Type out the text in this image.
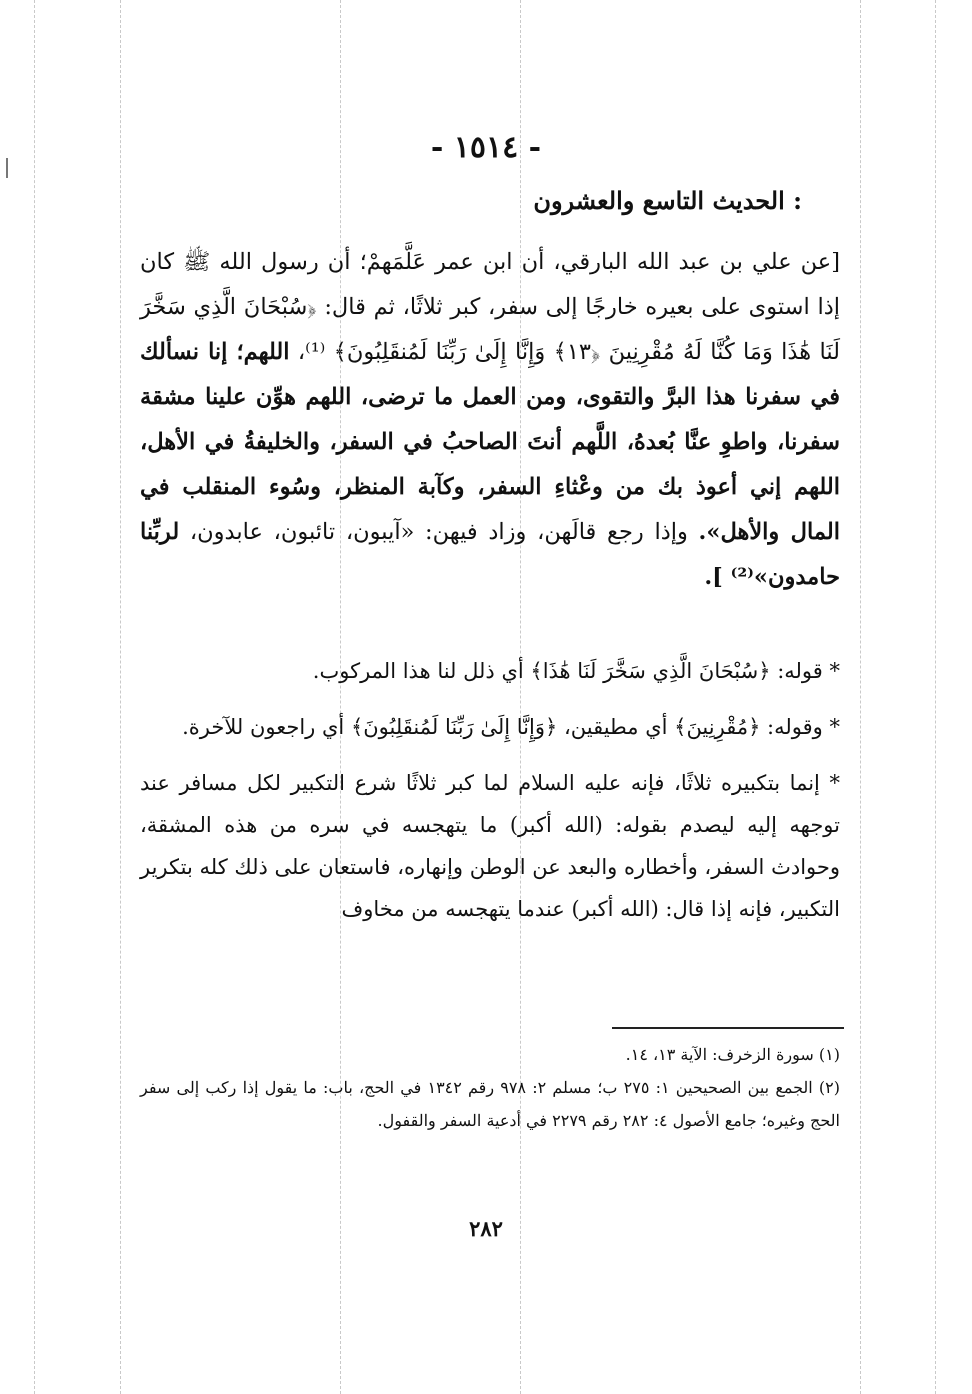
- ١٥١٤ -
الحديث التاسع والعشرون :
[عن علي بن عبد الله البارقي، أن ابن عمر عَلَّمَهمْ؛ أن رسول الله ﷺ كان إذا استوى على بعيره خارجًا إلى سفر، كبر ثلاثًا، ثم قال: ﴿سُبْحَانَ الَّذِي سَخَّرَ لَنَا هَٰذَا وَمَا كُنَّا لَهُ مُقْرِنِينَ ﴿١٣﴾ وَإِنَّا إِلَىٰ رَبِّنَا لَمُنقَلِبُونَ﴾ ⁽¹⁾، اللهم؛ إنا نسألك في سفرنا هذا البرَّ والتقوى، ومن العمل ما ترضى، اللهم هوِّن علينا مشقة سفرنا، واطوِ عنَّا بُعدهُ، اللَّهم أنتَ الصاحبُ في السفر، والخليفةُ في الأهل، اللهم إني أعوذ بك من وعْثاءِ السفر، وكآبة المنظر، وسُوء المنقلب في المال والأهل». وإذا رجع قالَهن، وزاد فيهن: «آيبون، تائبون، عابدون، لربِّنا حامدون»⁽²⁾ ].

* قوله: ﴿سُبْحَانَ الَّذِي سَخَّرَ لَنَا هَٰذَا﴾ أي ذلل لنا هذا المركوب.

* وقوله: ﴿مُقْرِنِينَ﴾ أي مطيقين، ﴿وَإِنَّا إِلَىٰ رَبِّنَا لَمُنقَلِبُونَ﴾ أي راجعون للآخرة.

* إنما بتكبيره ثلاثًا، فإنه عليه السلام لما كبر ثلاثًا شرع التكبير لكل مسافر عند توجهه إليه ليصدم بقوله: (الله أكبر) ما يتهجسه في سره من هذه المشقة، وحوادث السفر، وأخطاره والبعد عن الوطن وإنهاره، فاستعان على ذلك كله بتكرير التكبير، فإنه إذا قال: (الله أكبر) عندما يتهجسه من مخاوف

(١) سورة الزخرف: الآية ١٣، ١٤.

(٢) الجمع بين الصحيحين ١: ٢٧٥ ب؛ مسلم ٢: ٩٧٨ رقم ١٣٤٢ في الحج، باب: ما يقول إذا ركب إلى سفر الحج وغيره؛ جامع الأصول ٤: ٢٨٢ رقم ٢٢٧٩ في أدعية السفر والقفول.

٢٨٢
